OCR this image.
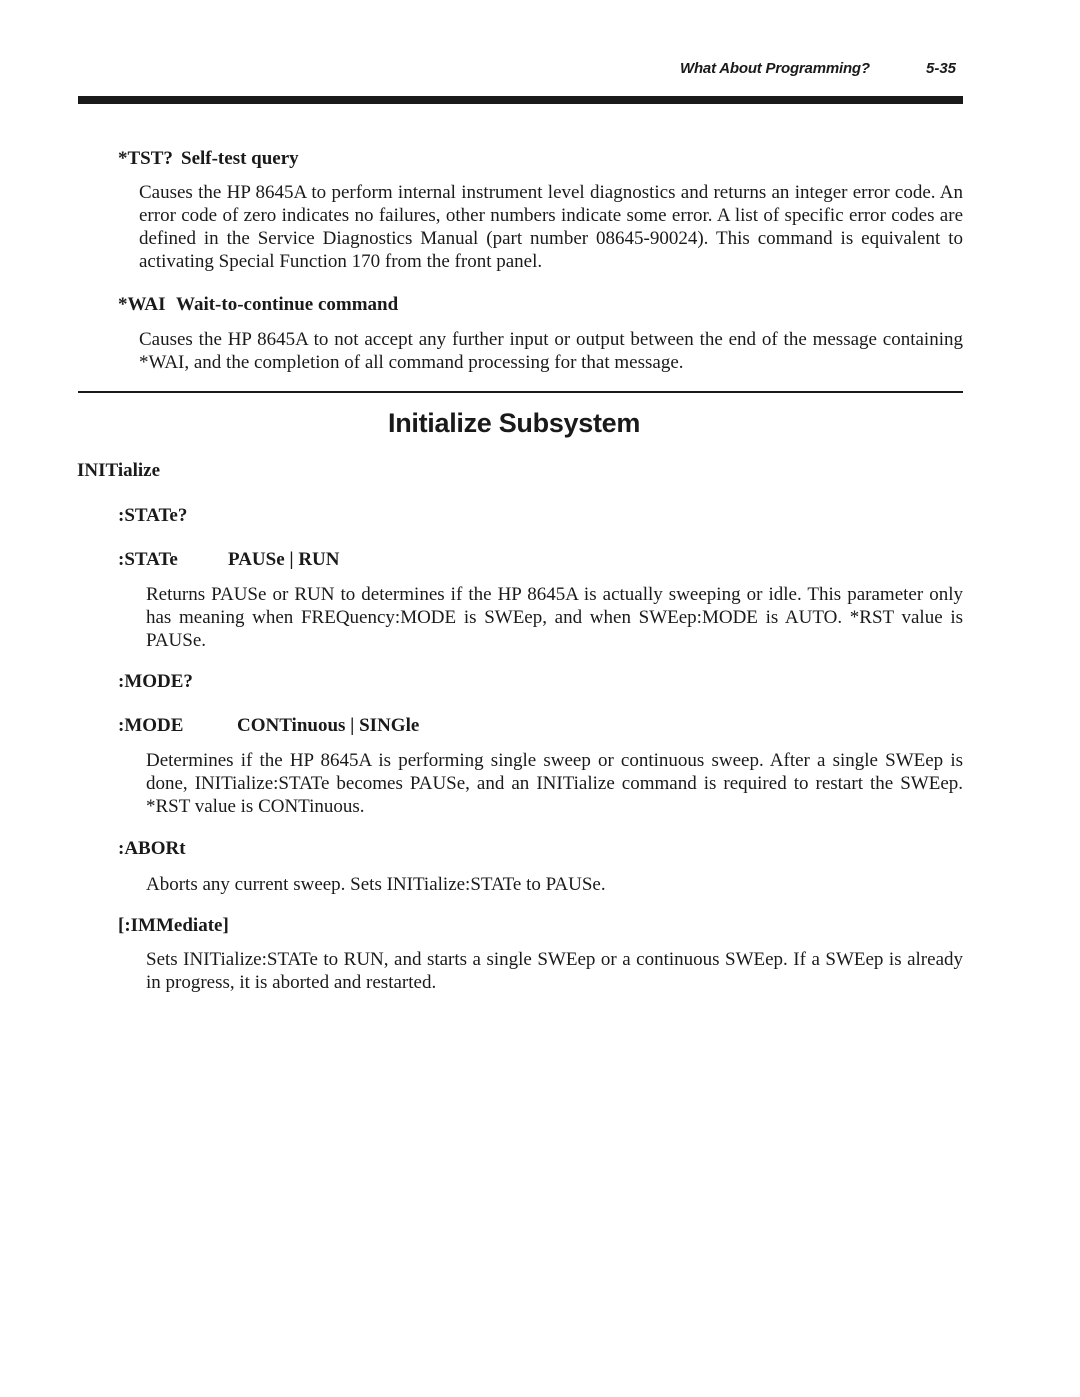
What About Programming?	5-35
*TST? Self-test query
Causes the HP 8645A to perform internal instrument level diagnostics and returns an integer error code. An error code of zero indicates no failures, other numbers indicate some error. A list of specific error codes are defined in the Service Diagnostics Manual (part number 08645-90024). This command is equivalent to activating Special Function 170 from the front panel.
*WAI Wait-to-continue command
Causes the HP 8645A to not accept any further input or output between the end of the message containing *WAI, and the completion of all command processing for that message.
Initialize Subsystem
INITialize
:STATe?
:STATe	PAUSe | RUN
Returns PAUSe or RUN to determines if the HP 8645A is actually sweeping or idle. This parameter only has meaning when FREQuency:MODE is SWEep, and when SWEep:MODE is AUTO. *RST value is PAUSe.
:MODE?
:MODE	CONTinuous | SINGle
Determines if the HP 8645A is performing single sweep or continuous sweep. After a single SWEep is done, INITialize:STATe becomes PAUSe, and an INITialize command is required to restart the SWEep. *RST value is CONTinuous.
:ABORt
Aborts any current sweep. Sets INITialize:STATe to PAUSe.
[:IMMediate]
Sets INITialize:STATe to RUN, and starts a single SWEep or a continuous SWEep. If a SWEep is already in progress, it is aborted and restarted.
